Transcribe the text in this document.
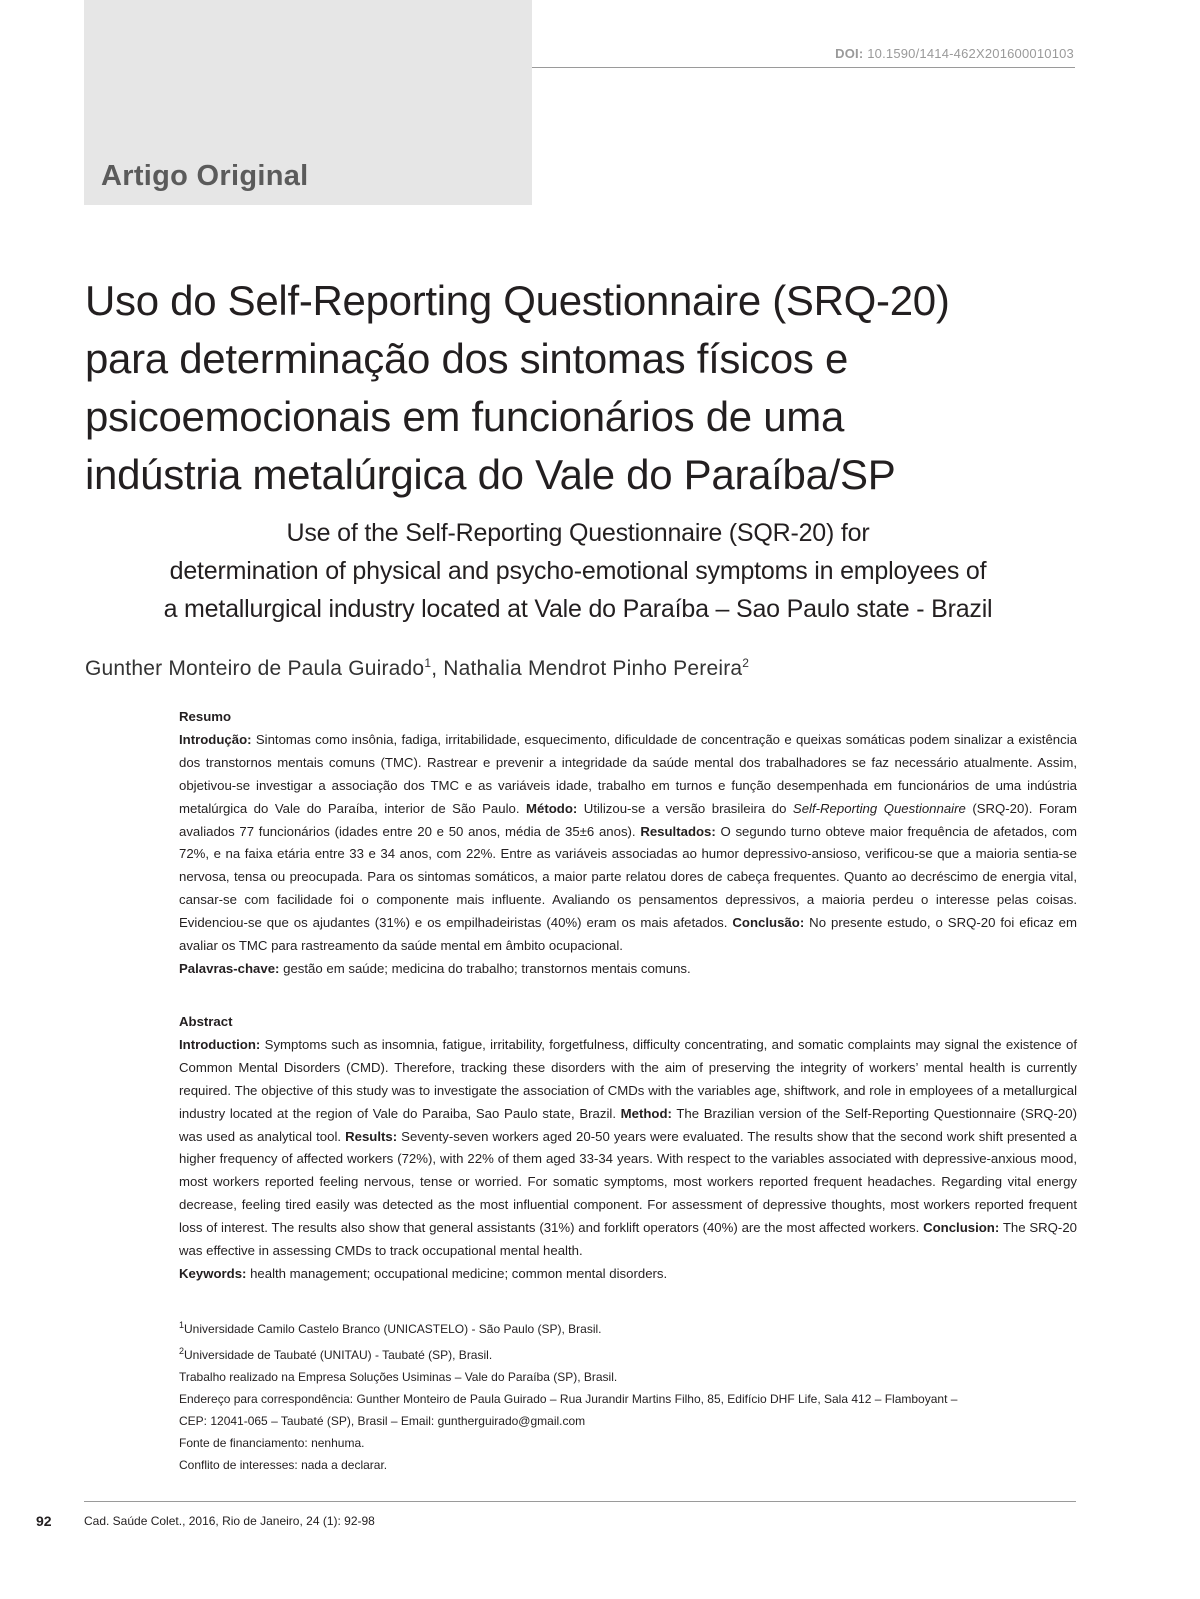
DOI: 10.1590/1414-462X201600010103
Artigo Original
Uso do Self-Reporting Questionnaire (SRQ-20)
para determinação dos sintomas físicos e
psicoemocionais em funcionários de uma
indústria metalúrgica do Vale do Paraíba/SP
Use of the Self-Reporting Questionnaire (SQR-20) for
determination of physical and psycho-emotional symptoms in employees of
a metallurgical industry located at Vale do Paraíba – Sao Paulo state - Brazil
Gunther Monteiro de Paula Guirado$^1$, Nathalia Mendrot Pinho Pereira$^2$
Resumo
Introdução: Sintomas como insônia, fadiga, irritabilidade, esquecimento, dificuldade de concentração e queixas somáticas podem sinalizar a existência dos transtornos mentais comuns (TMC). Rastrear e prevenir a integridade da saúde mental dos trabalhadores se faz necessário atualmente. Assim, objetivou-se investigar a associação dos TMC e as variáveis idade, trabalho em turnos e função desempenhada em funcionários de uma indústria metalúrgica do Vale do Paraíba, interior de São Paulo. Método: Utilizou-se a versão brasileira do Self-Reporting Questionnaire (SRQ-20). Foram avaliados 77 funcionários (idades entre 20 e 50 anos, média de 35±6 anos). Resultados: O segundo turno obteve maior frequência de afetados, com 72%, e na faixa etária entre 33 e 34 anos, com 22%. Entre as variáveis associadas ao humor depressivo-ansioso, verificou-se que a maioria sentia-se nervosa, tensa ou preocupada. Para os sintomas somáticos, a maior parte relatou dores de cabeça frequentes. Quanto ao decréscimo de energia vital, cansar-se com facilidade foi o componente mais influente. Avaliando os pensamentos depressivos, a maioria perdeu o interesse pelas coisas. Evidenciou-se que os ajudantes (31%) e os empilhadeiristas (40%) eram os mais afetados. Conclusão: No presente estudo, o SRQ-20 foi eficaz em avaliar os TMC para rastreamento da saúde mental em âmbito ocupacional.
Palavras-chave: gestão em saúde; medicina do trabalho; transtornos mentais comuns.
Abstract
Introduction: Symptoms such as insomnia, fatigue, irritability, forgetfulness, difficulty concentrating, and somatic complaints may signal the existence of Common Mental Disorders (CMD). Therefore, tracking these disorders with the aim of preserving the integrity of workers’ mental health is currently required. The objective of this study was to investigate the association of CMDs with the variables age, shiftwork, and role in employees of a metallurgical industry located at the region of Vale do Paraiba, Sao Paulo state, Brazil. Method: The Brazilian version of the Self-Reporting Questionnaire (SRQ-20) was used as analytical tool. Results: Seventy-seven workers aged 20-50 years were evaluated. The results show that the second work shift presented a higher frequency of affected workers (72%), with 22% of them aged 33-34 years. With respect to the variables associated with depressive-anxious mood, most workers reported feeling nervous, tense or worried. For somatic symptoms, most workers reported frequent headaches. Regarding vital energy decrease, feeling tired easily was detected as the most influential component. For assessment of depressive thoughts, most workers reported frequent loss of interest. The results also show that general assistants (31%) and forklift operators (40%) are the most affected workers. Conclusion: The SRQ-20 was effective in assessing CMDs to track occupational mental health.
Keywords: health management; occupational medicine; common mental disorders.
$^1$Universidade Camilo Castelo Branco (UNICASTELO) - São Paulo (SP), Brasil.
$^2$Universidade de Taubaté (UNITAU) - Taubaté (SP), Brasil.
Trabalho realizado na Empresa Soluções Usiminas – Vale do Paraíba (SP), Brasil.
Endereço para correspondência: Gunther Monteiro de Paula Guirado – Rua Jurandir Martins Filho, 85, Edifício DHF Life, Sala 412 – Flamboyant –
CEP: 12041-065 – Taubaté (SP), Brasil – Email: guntherguirado@gmail.com
Fonte de financiamento: nenhuma.
Conflito de interesses: nada a declarar.
92	Cad. Saúde Colet., 2016, Rio de Janeiro, 24 (1): 92-98
